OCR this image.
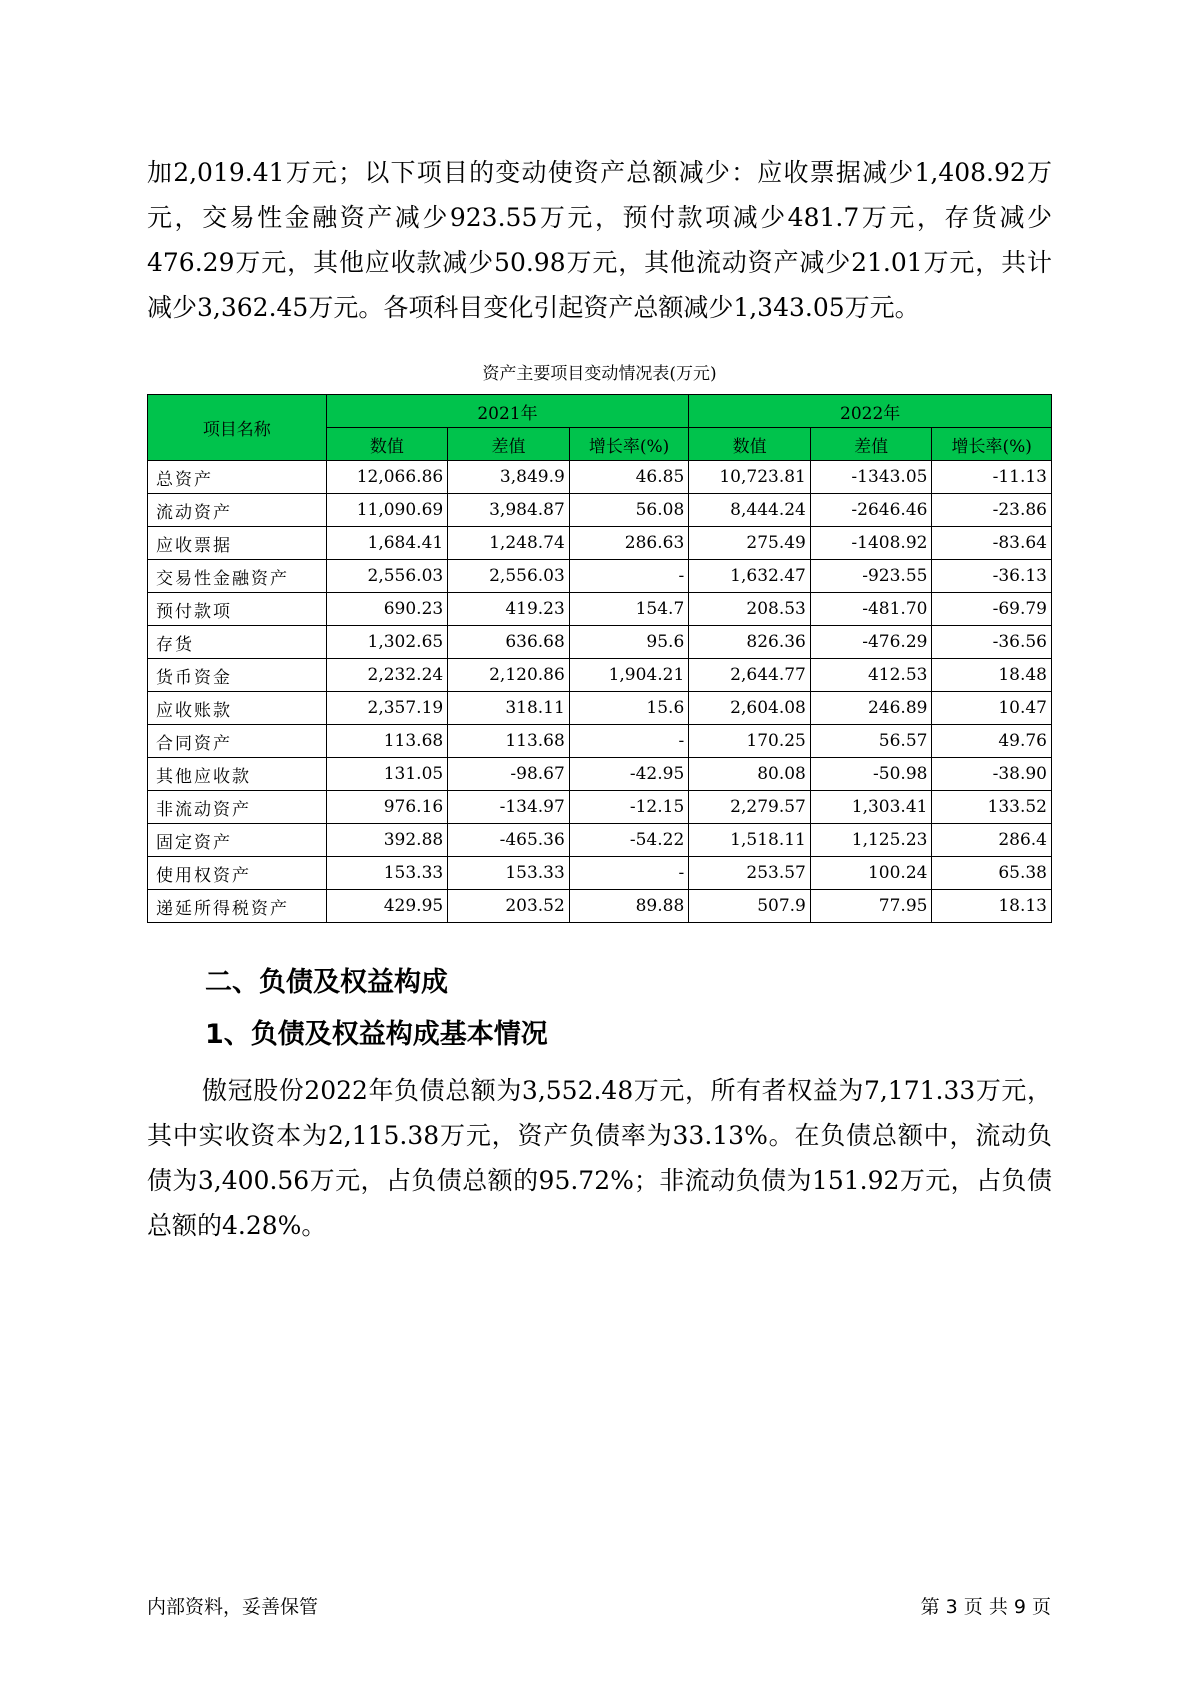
加2,019.41万元；以下项目的变动使资产总额减少：应收票据减少1,408.92万元，交易性金融资产减少923.55万元，预付款项减少481.7万元，存货减少476.29万元，其他应收款减少50.98万元，其他流动资产减少21.01万元，共计减少3,362.45万元。各项科目变化引起资产总额减少1,343.05万元。

资产主要项目变动情况表(万元)
项目名称	2021年			2022年		
	数值	差值	增长率(%)	数值	差值	增长率(%)
总资产	12,066.86	3,849.9	46.85	10,723.81	-1343.05	-11.13
流动资产	11,090.69	3,984.87	56.08	8,444.24	-2646.46	-23.86
应收票据	1,684.41	1,248.74	286.63	275.49	-1408.92	-83.64
交易性金融资产	2,556.03	2,556.03	-	1,632.47	-923.55	-36.13
预付款项	690.23	419.23	154.7	208.53	-481.70	-69.79
存货	1,302.65	636.68	95.6	826.36	-476.29	-36.56
货币资金	2,232.24	2,120.86	1,904.21	2,644.77	412.53	18.48
应收账款	2,357.19	318.11	15.6	2,604.08	246.89	10.47
合同资产	113.68	113.68	-	170.25	56.57	49.76
其他应收款	131.05	-98.67	-42.95	80.08	-50.98	-38.90
非流动资产	976.16	-134.97	-12.15	2,279.57	1,303.41	133.52
固定资产	392.88	-465.36	-54.22	1,518.11	1,125.23	286.4
使用权资产	153.33	153.33	-	253.57	100.24	65.38
递延所得税资产	429.95	203.52	89.88	507.9	77.95	18.13
二、负债及权益构成
1、负债及权益构成基本情况

傲冠股份2022年负债总额为3,552.48万元，所有者权益为7,171.33万元，其中实收资本为2,115.38万元，资产负债率为33.13%。在负债总额中，流动负债为3,400.56万元，占负债总额的95.72%；非流动负债为151.92万元，占负债总额的4.28%。

内部资料，妥善保管	第 3 页 共 9 页
